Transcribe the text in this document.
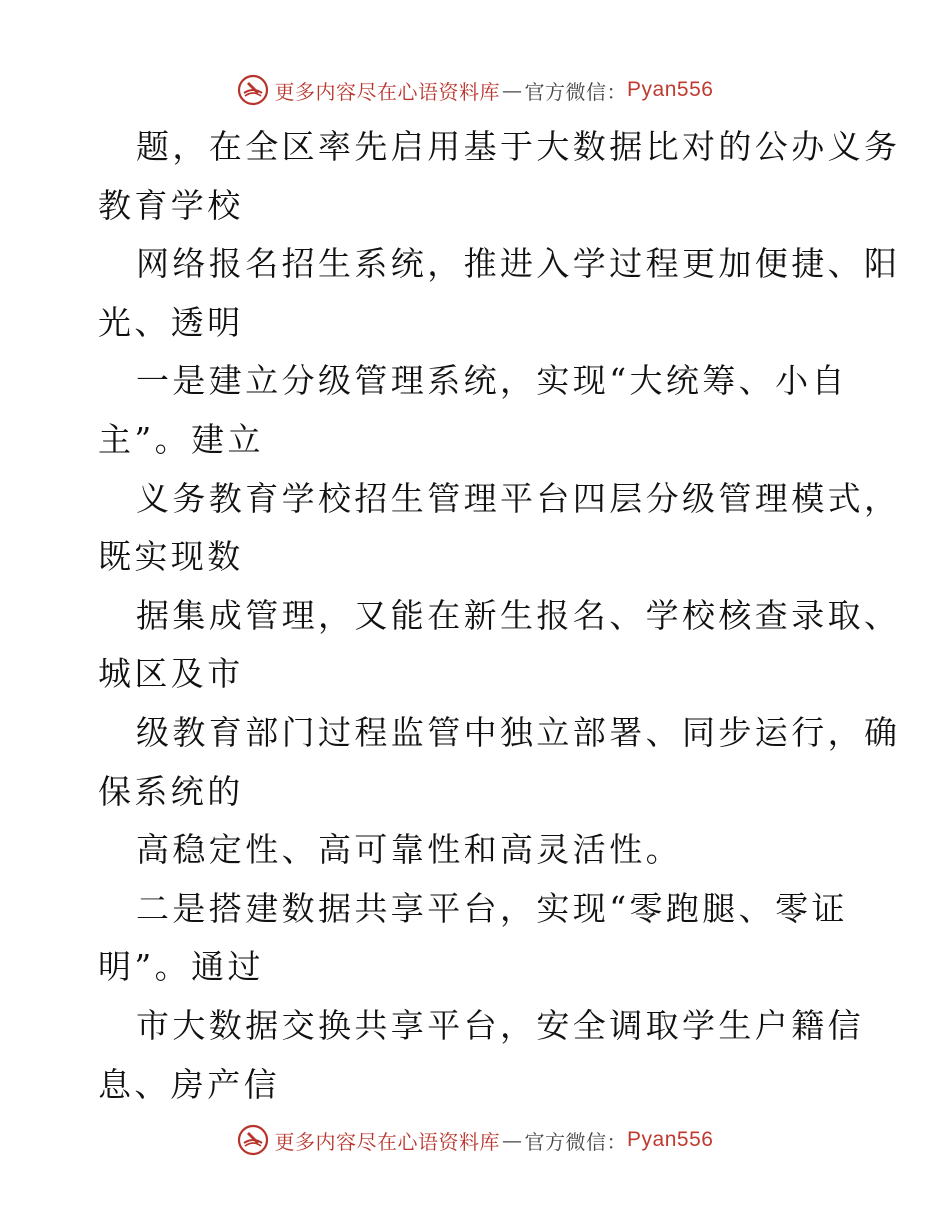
更多内容尽在心语资料库 — 官方微信： Pyan556
题，在全区率先启用基于大数据比对的公办义务
教育学校
网络报名招生系统，推进入学过程更加便捷、阳
光、透明
一是建立分级管理系统，实现“大统筹、小自
主”。建立
义务教育学校招生管理平台四层分级管理模式，
既实现数
据集成管理，又能在新生报名、学校核查录取、
城区及市
级教育部门过程监管中独立部署、同步运行，确
保系统的
高稳定性、高可靠性和高灵活性。
二是搭建数据共享平台，实现“零跑腿、零证
明”。通过
市大数据交换共享平台，安全调取学生户籍信
息、房产信
更多内容尽在心语资料库 — 官方微信： Pyan556
